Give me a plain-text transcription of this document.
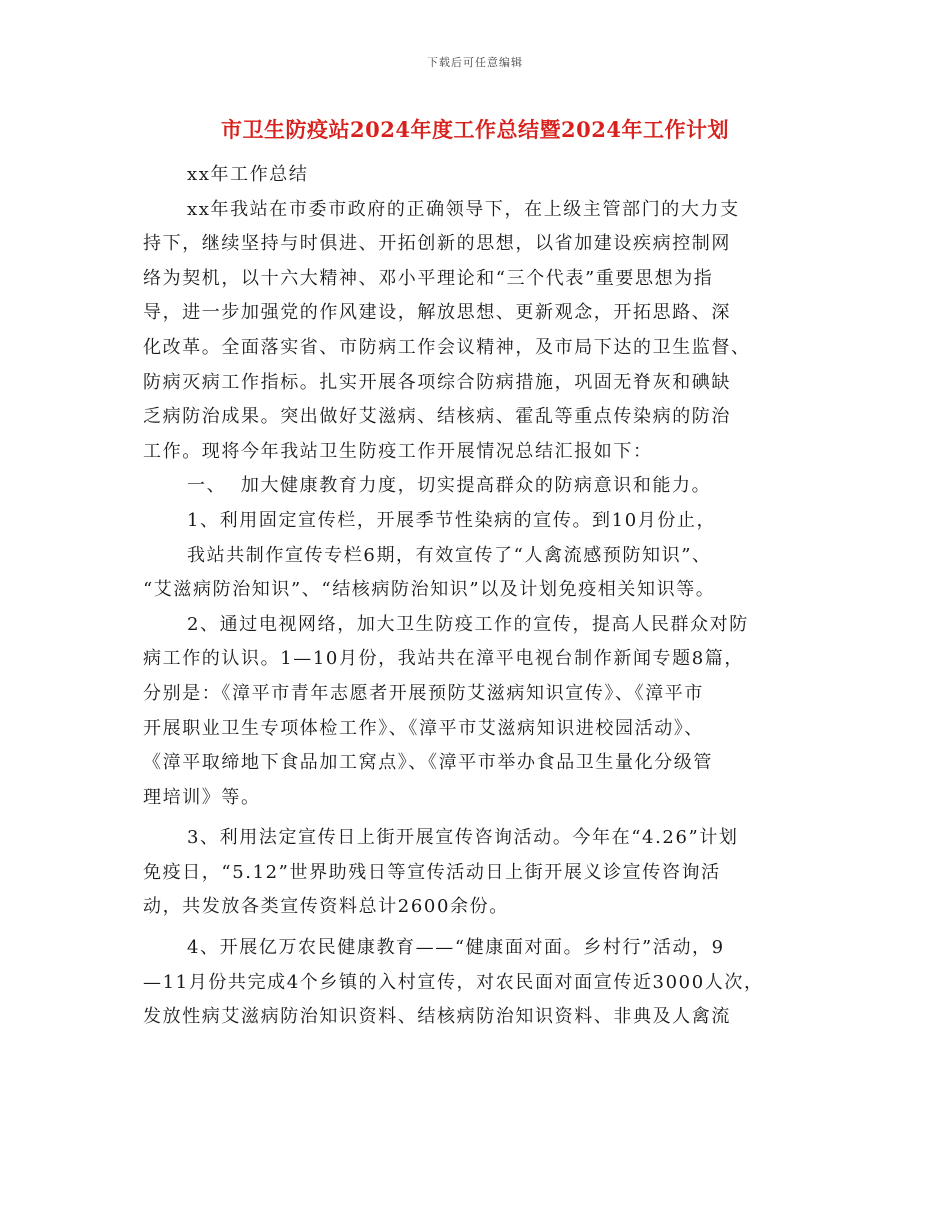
下载后可任意编辑
市卫生防疫站2024年度工作总结暨2024年工作计划

xx年工作总结

xx年我站在市委市政府的正确领导下，在上级主管部门的大力支
持下，继续坚持与时俱进、开拓创新的思想，以省加建设疾病控制网
络为契机，以十六大精神、邓小平理论和“三个代表”重要思想为指
导，进一步加强党的作风建设，解放思想、更新观念，开拓思路、深
化改革。全面落实省、市防病工作会议精神，及市局下达的卫生监督、
防病灭病工作指标。扎实开展各项综合防病措施，巩固无脊灰和碘缺
乏病防治成果。突出做好艾滋病、结核病、霍乱等重点传染病的防治
工作。现将今年我站卫生防疫工作开展情况总结汇报如下：

一、  加大健康教育力度，切实提高群众的防病意识和能力。

1、利用固定宣传栏，开展季节性染病的宣传。到10月份止，

我站共制作宣传专栏6期，有效宣传了“人禽流感预防知识”、
“艾滋病防治知识”、“结核病防治知识”以及计划免疫相关知识等。

2、通过电视网络，加大卫生防疫工作的宣传，提高人民群众对防
病工作的认识。1—10月份，我站共在漳平电视台制作新闻专题8篇，
分别是：《漳平市青年志愿者开展预防艾滋病知识宣传》、《漳平市
开展职业卫生专项体检工作》、《漳平市艾滋病知识进校园活动》、
《漳平取缔地下食品加工窝点》、《漳平市举办食品卫生量化分级管
理培训》等。

3、利用法定宣传日上街开展宣传咨询活动。今年在“4.26”计划
免疫日，“5.12”世界助残日等宣传活动日上街开展义诊宣传咨询活
动，共发放各类宣传资料总计2600余份。

4、开展亿万农民健康教育——“健康面对面。乡村行”活动，9
—11月份共完成4个乡镇的入村宣传，对农民面对面宣传近3000人次，
发放性病艾滋病防治知识资料、结核病防治知识资料、非典及人禽流
